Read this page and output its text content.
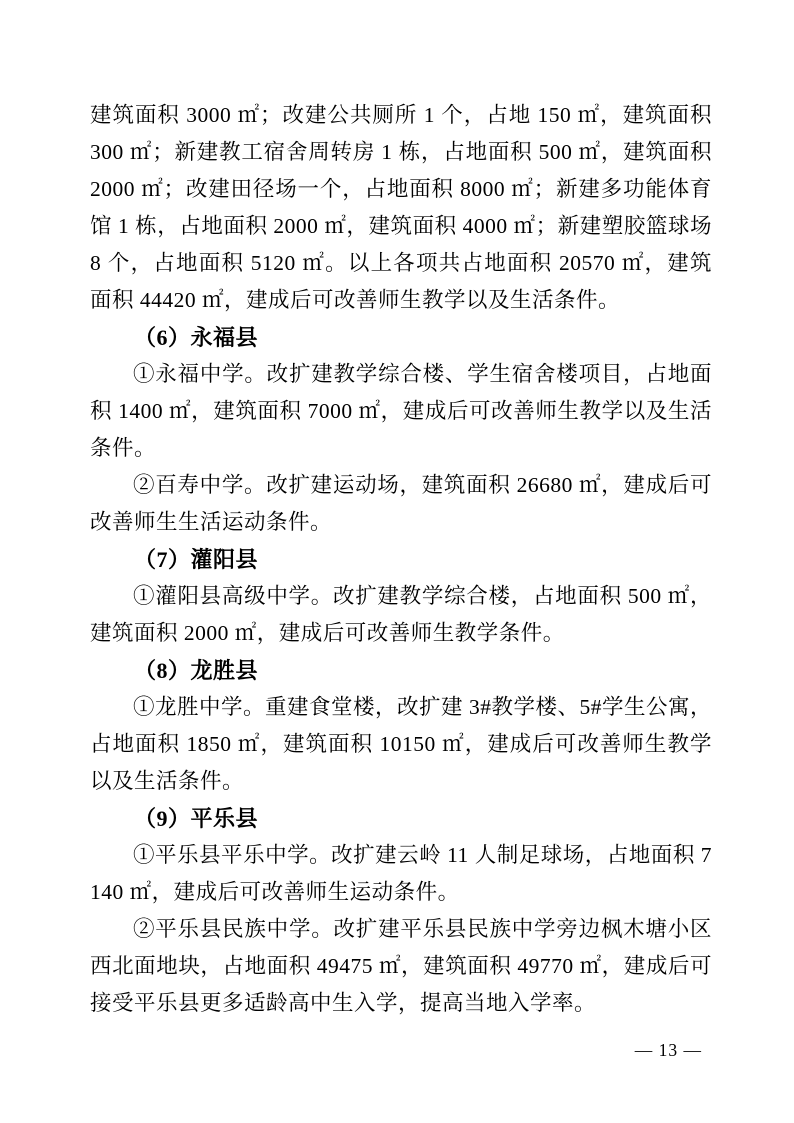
建筑面积 3000 ㎡；改建公共厕所 1 个，占地 150 ㎡，建筑面积 300 ㎡；新建教工宿舍周转房 1 栋，占地面积 500 ㎡，建筑面积 2000 ㎡；改建田径场一个，占地面积 8000 ㎡；新建多功能体育馆 1 栋，占地面积 2000 ㎡，建筑面积 4000 ㎡；新建塑胶篮球场 8 个，占地面积 5120 ㎡。以上各项共占地面积 20570 ㎡，建筑面积 44420 ㎡，建成后可改善师生教学以及生活条件。

（6）永福县

①永福中学。改扩建教学综合楼、学生宿舍楼项目，占地面积 1400 ㎡，建筑面积 7000 ㎡，建成后可改善师生教学以及生活条件。

②百寿中学。改扩建运动场，建筑面积 26680 ㎡，建成后可改善师生生活运动条件。

（7）灌阳县

①灌阳县高级中学。改扩建教学综合楼，占地面积 500 ㎡，建筑面积 2000 ㎡，建成后可改善师生教学条件。

（8）龙胜县

①龙胜中学。重建食堂楼，改扩建 3#教学楼、5#学生公寓，占地面积 1850 ㎡，建筑面积 10150 ㎡，建成后可改善师生教学以及生活条件。

（9）平乐县

①平乐县平乐中学。改扩建云岭 11 人制足球场，占地面积 7140 ㎡，建成后可改善师生运动条件。

②平乐县民族中学。改扩建平乐县民族中学旁边枫木塘小区西北面地块，占地面积 49475 ㎡，建筑面积 49770 ㎡，建成后可接受平乐县更多适龄高中生入学，提高当地入学率。

— 13 —
